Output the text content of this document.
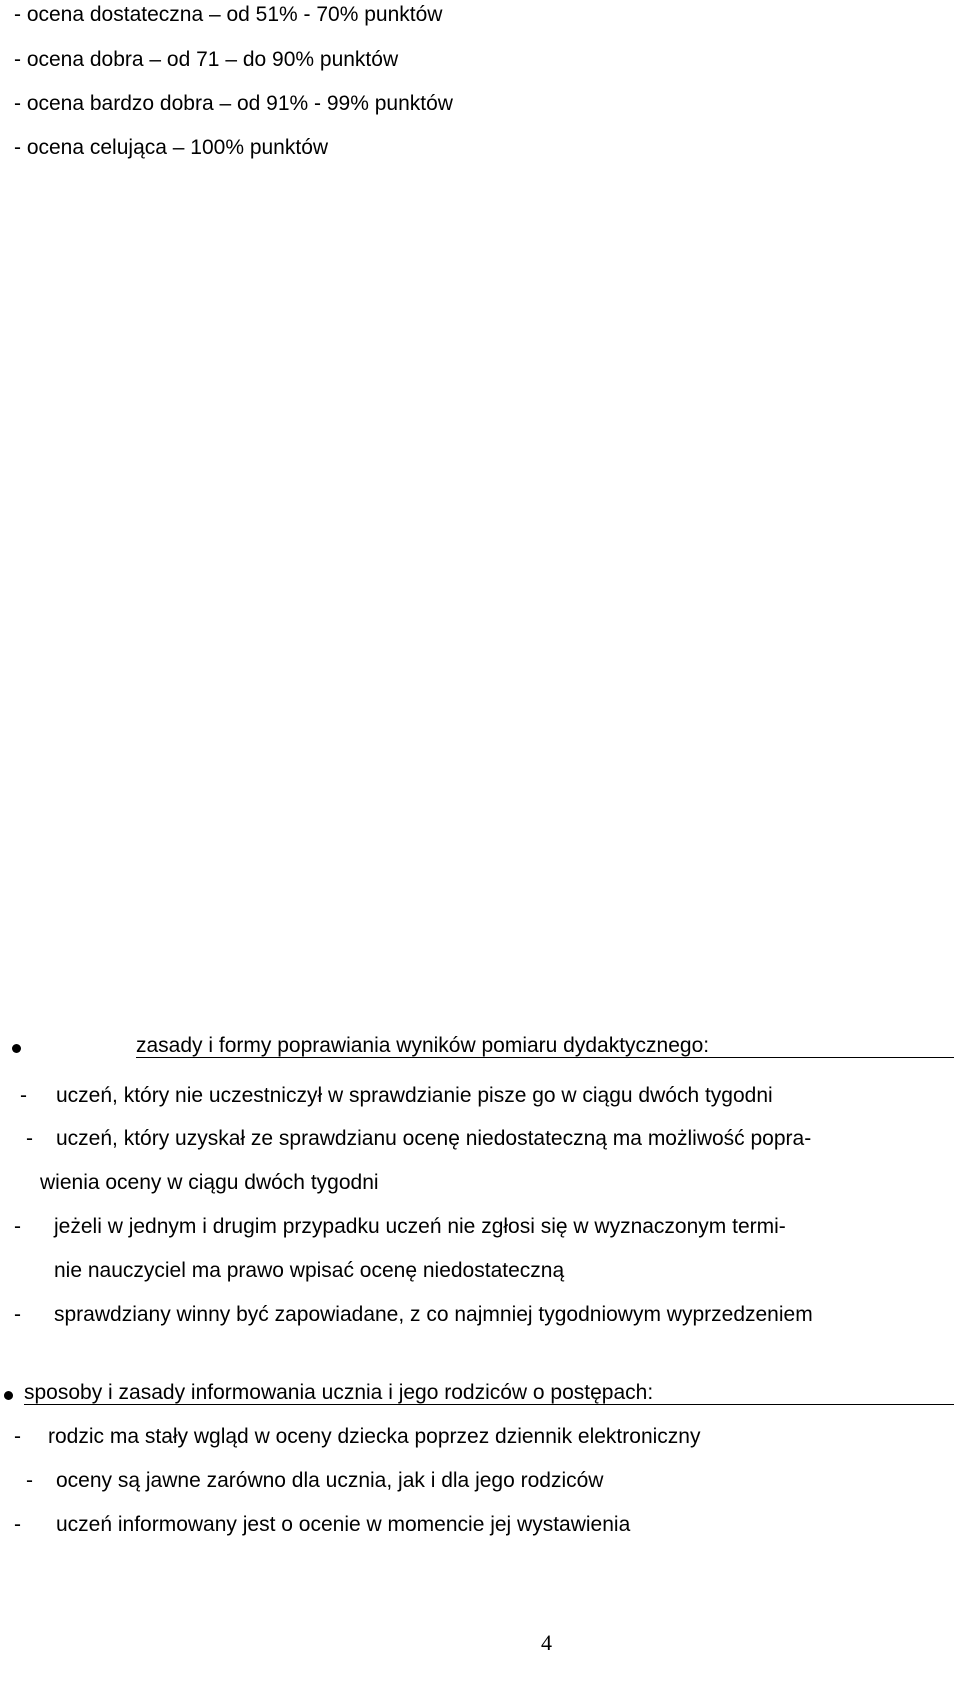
- ocena dostateczna – od 51% - 70% punktów
- ocena dobra – od 71 – do 90% punktów
- ocena bardzo dobra – od 91% - 99% punktów
- ocena celująca – 100% punktów
zasady i formy poprawiania wyników pomiaru dydaktycznego:
- uczeń, który nie uczestniczył w sprawdzianie pisze go w ciągu dwóch tygodni
- uczeń, który uzyskał ze sprawdzianu ocenę niedostateczną ma możliwość popra-
wienia oceny w ciągu dwóch tygodni
- jeżeli w jednym i drugim przypadku uczeń nie zgłosi się w wyznaczonym termi-
nie nauczyciel ma prawo wpisać ocenę niedostateczną
- sprawdziany winny być zapowiadane, z co najmniej tygodniowym wyprzedzeniem
sposoby i zasady informowania ucznia i jego rodziców o postępach:
- rodzic ma stały wgląd w oceny dziecka poprzez dziennik elektroniczny
- oceny są jawne zarówno dla ucznia, jak i dla jego rodziców
- uczeń informowany jest o ocenie w momencie jej wystawienia
4
